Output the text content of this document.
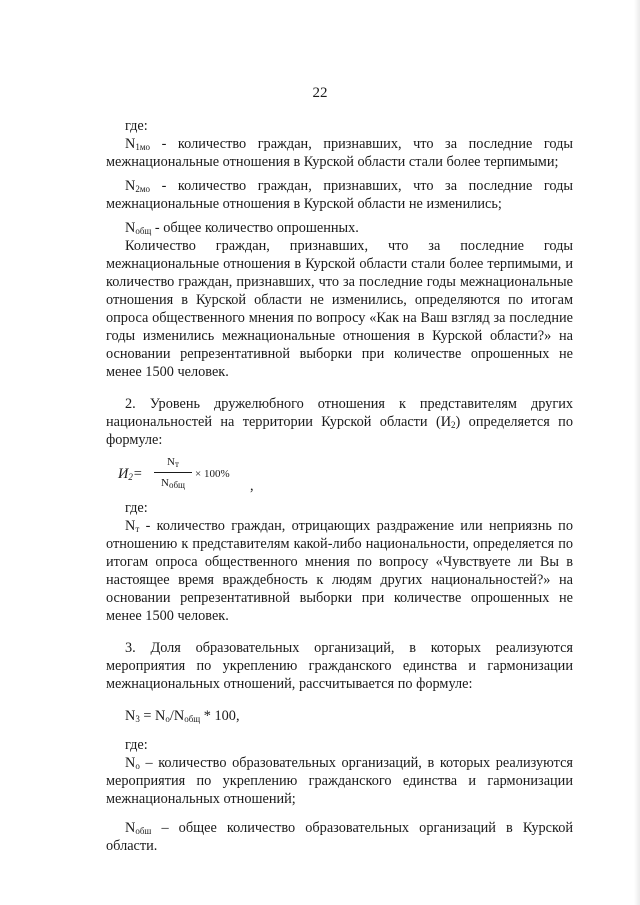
22

где:

$N_{1мо}$ - количество граждан, признавших, что за последние годы межнациональные отношения в Курской области стали более терпимыми;

$N_{2мо}$ - количество граждан, признавших, что за последние годы межнациональные отношения в Курской области не изменились;

$N_{общ}$ - общее количество опрошенных.

Количество граждан, признавших, что за последние годы межнациональные отношения в Курской области стали более терпимыми, и количество граждан, признавших, что за последние годы межнациональные отношения в Курской области не изменились, определяются по итогам опроса общественного мнения по вопросу «Как на Ваш взгляд за последние годы изменились межнациональные отношения в Курской области?» на основании репрезентативной выборки при количестве опрошенных не менее 1500 человек.

2. Уровень дружелюбного отношения к представителям других национальностей на территории Курской области $(И_2)$ определяется по формуле:

$И_2=$
$N_т$
$N_{общ}$
× 100%
,

где:

$N_т$ - количество граждан, отрицающих раздражение или неприязнь по отношению к представителям какой-либо национальности, определяется по итогам опроса общественного мнения по вопросу «Чувствуете ли Вы в настоящее время враждебность к людям других национальностей?» на основании репрезентативной выборки при количестве опрошенных не менее 1500 человек.

3. Доля образовательных организаций, в которых реализуются мероприятия по укреплению гражданского единства и гармонизации межнациональных отношений, рассчитывается по формуле:

$N_3 = N_о/N_{общ} * 100$,

где:

$N_о$ – количество образовательных организаций, в которых реализуются мероприятия по укреплению гражданского единства и гармонизации межнациональных отношений;

$N_{обш}$ – общее количество образовательных организаций в Курской области.
